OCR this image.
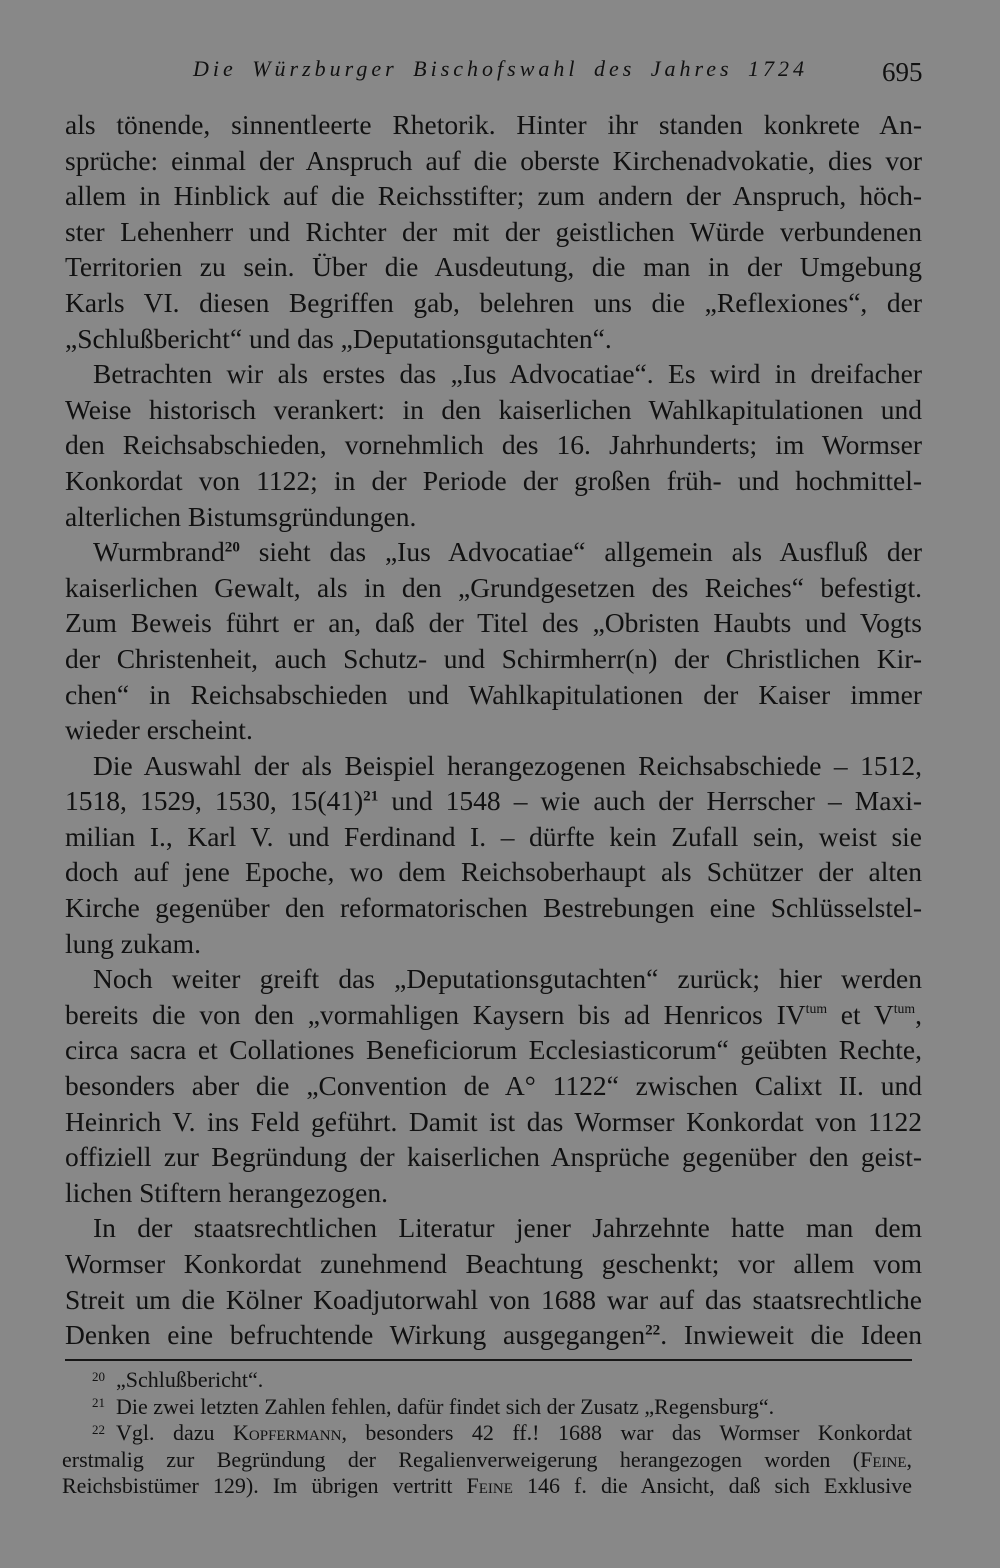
Die Würzburger Bischofswahl des Jahres 1724	695
als tönende, sinnentleerte Rhetorik. Hinter ihr standen konkrete An-
sprüche: einmal der Anspruch auf die oberste Kirchenadvokatie, dies vor
allem in Hinblick auf die Reichsstifter; zum andern der Anspruch, höch-
ster Lehenherr und Richter der mit der geistlichen Würde verbundenen
Territorien zu sein. Über die Ausdeutung, die man in der Umgebung
Karls VI. diesen Begriffen gab, belehren uns die „Reflexiones“, der
„Schlußbericht“ und das „Deputationsgutachten“.
Betrachten wir als erstes das „Ius Advocatiae“. Es wird in dreifacher
Weise historisch verankert: in den kaiserlichen Wahlkapitulationen und
den Reichsabschieden, vornehmlich des 16. Jahrhunderts; im Wormser
Konkordat von 1122; in der Periode der großen früh- und hochmittel-
alterlichen Bistumsgründungen.
Wurmbrand$^{20}$ sieht das „Ius Advocatiae“ allgemein als Ausfluß der
kaiserlichen Gewalt, als in den „Grundgesetzen des Reiches“ befestigt.
Zum Beweis führt er an, daß der Titel des „Obristen Haubts und Vogts
der Christenheit, auch Schutz- und Schirmherr(n) der Christlichen Kir-
chen“ in Reichsabschieden und Wahlkapitulationen der Kaiser immer
wieder erscheint.
Die Auswahl der als Beispiel herangezogenen Reichsabschiede – 1512,
1518, 1529, 1530, 15(41)$^{21}$ und 1548 – wie auch der Herrscher – Maxi-
milian I., Karl V. und Ferdinand I. – dürfte kein Zufall sein, weist sie
doch auf jene Epoche, wo dem Reichsoberhaupt als Schützer der alten
Kirche gegenüber den reformatorischen Bestrebungen eine Schlüsselstel-
lung zukam.
Noch weiter greift das „Deputationsgutachten“ zurück; hier werden
bereits die von den „vormahligen Kaysern bis ad Henricos $IV^{tum}$ et $V^{tum}$,
circa sacra et Collationes Beneficiorum Ecclesiasticorum“ geübten Rechte,
besonders aber die „Convention de A° 1122“ zwischen Calixt II. und
Heinrich V. ins Feld geführt. Damit ist das Wormser Konkordat von 1122
offiziell zur Begründung der kaiserlichen Ansprüche gegenüber den geist-
lichen Stiftern herangezogen.
In der staatsrechtlichen Literatur jener Jahrzehnte hatte man dem
Wormser Konkordat zunehmend Beachtung geschenkt; vor allem vom
Streit um die Kölner Koadjutorwahl von 1688 war auf das staatsrechtliche
Denken eine befruchtende Wirkung ausgegangen$^{22}$. Inwieweit die Ideen
$^{20}$ „Schlußbericht“.
$^{21}$ Die zwei letzten Zahlen fehlen, dafür findet sich der Zusatz „Regensburg“.
$^{22}$ Vgl. dazu Kopfermann, besonders 42 ff.! 1688 war das Wormser Konkordat
erstmalig zur Begründung der Regalienverweigerung herangezogen worden (Feine,
Reichsbistümer 129). Im übrigen vertritt Feine 146 f. die Ansicht, daß sich Exklusive
